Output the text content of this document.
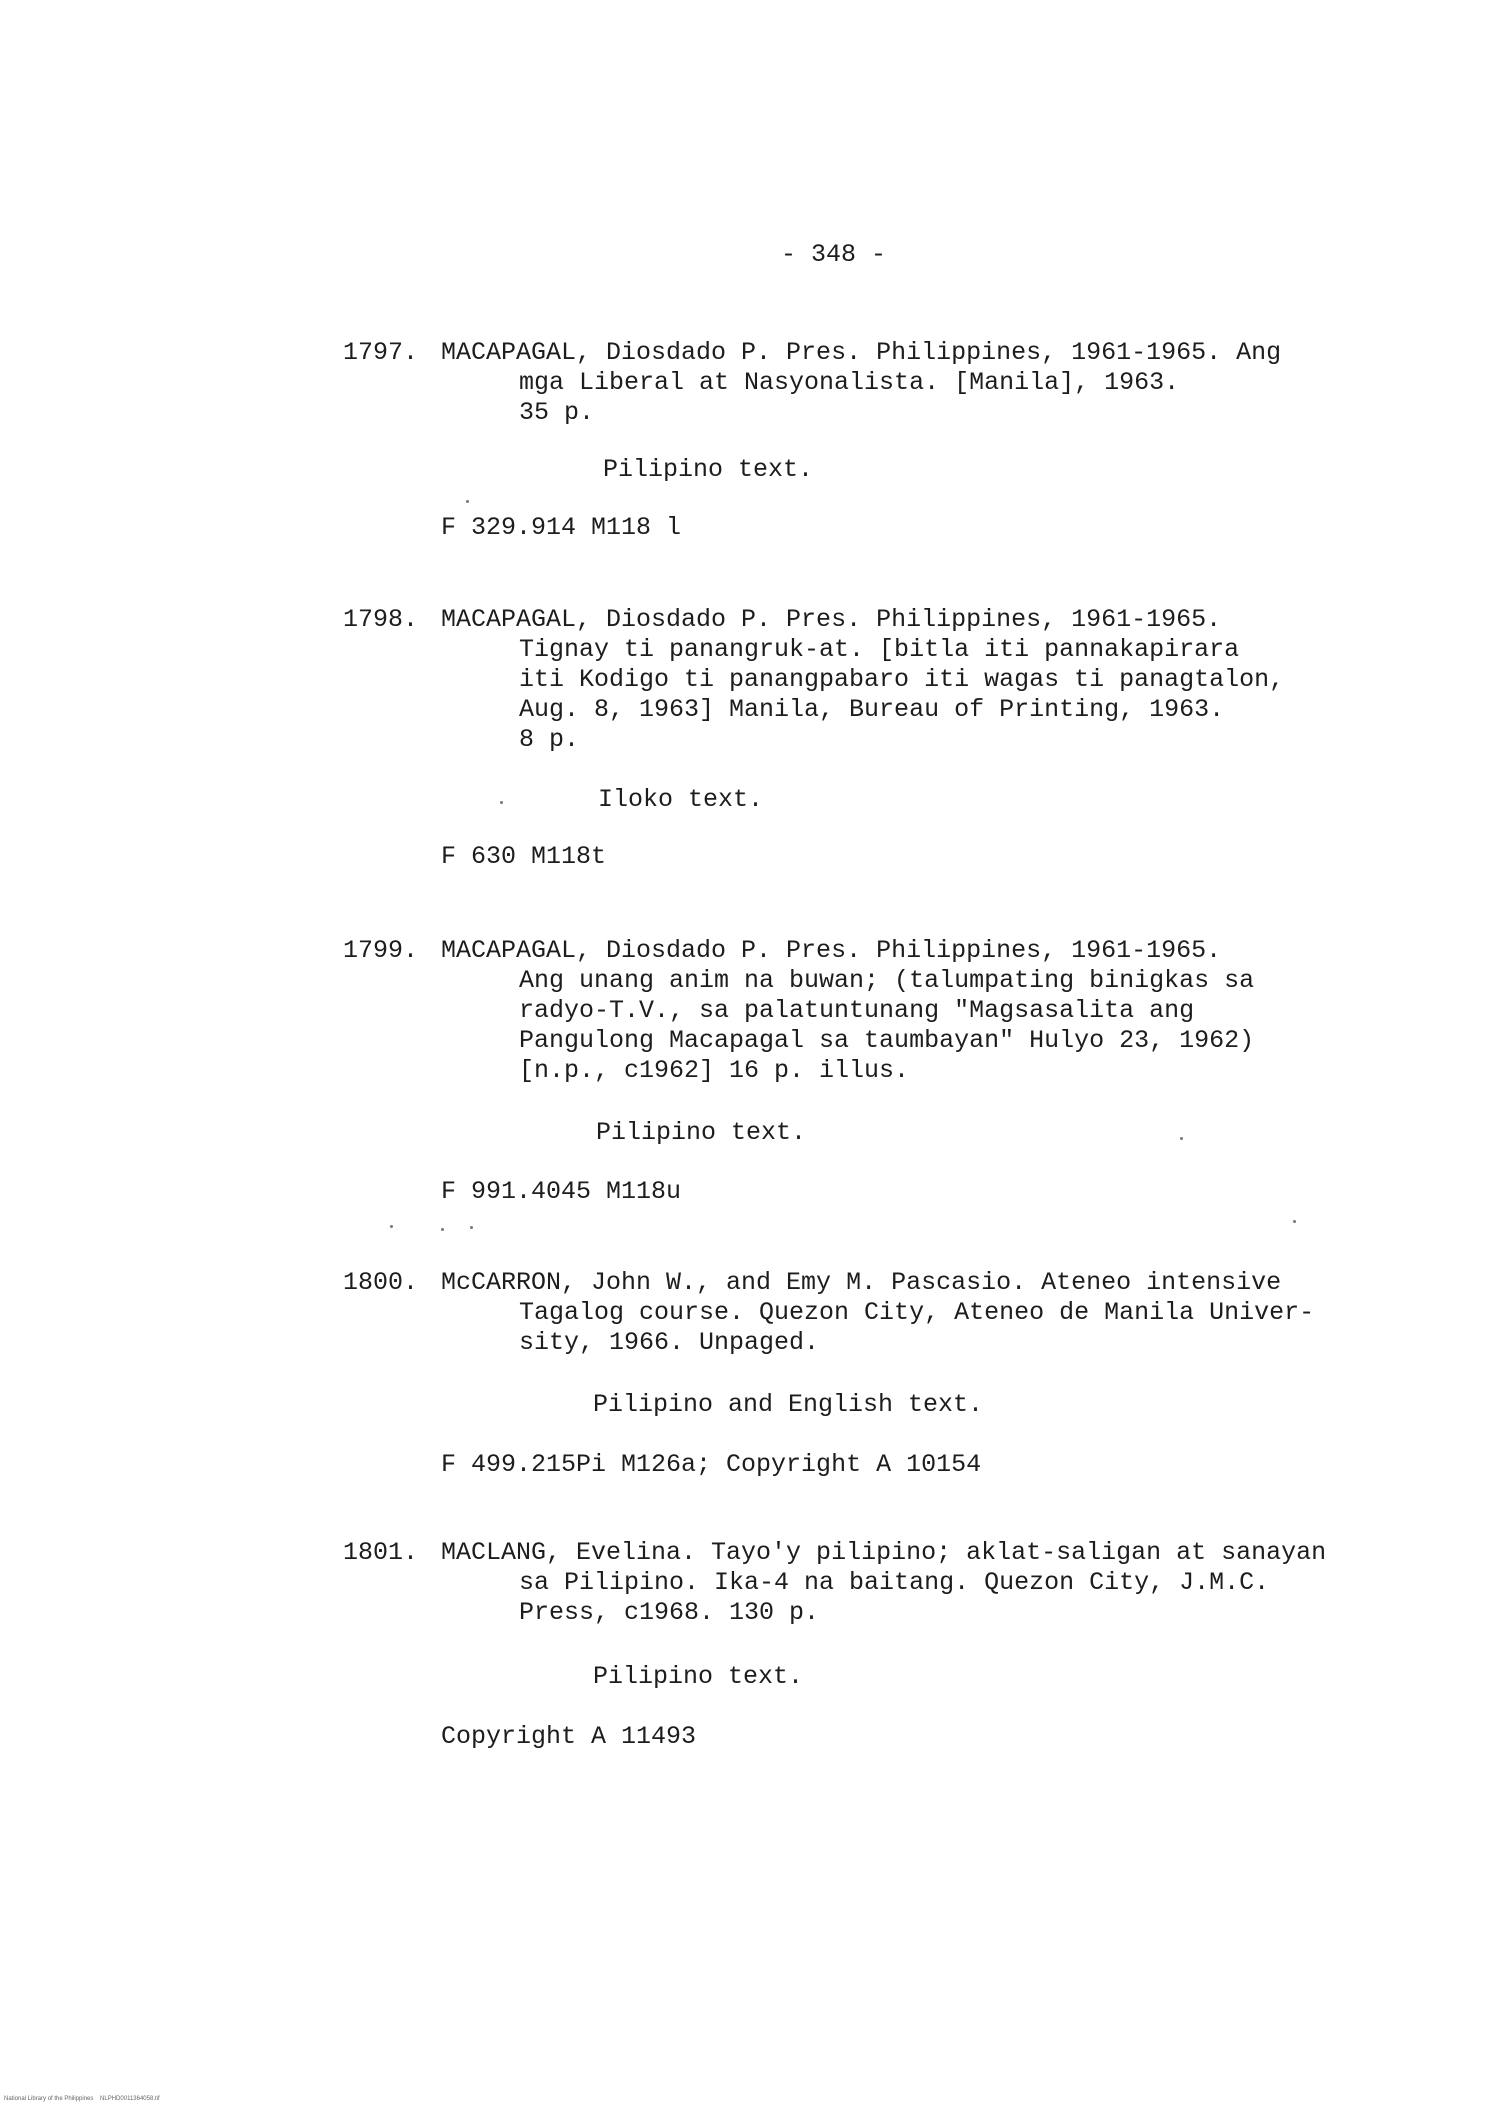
- 348 -
1797. MACAPAGAL, Diosdado P. Pres. Philippines, 1961-1965. Ang
mga Liberal at Nasyonalista. [Manila], 1963.
35 p.
Pilipino text.
F 329.914 M118 l
1798. MACAPAGAL, Diosdado P. Pres. Philippines, 1961-1965.
Tignay ti panangruk-at. [bitla iti pannakapirara
iti Kodigo ti panangpabaro iti wagas ti panagtalon,
Aug. 8, 1963] Manila, Bureau of Printing, 1963.
8 p.
Iloko text.
F 630 M118t
1799. MACAPAGAL, Diosdado P. Pres. Philippines, 1961-1965.
Ang unang anim na buwan; (talumpating binigkas sa
radyo-T.V., sa palatuntunang "Magsasalita ang
Pangulong Macapagal sa taumbayan" Hulyo 23, 1962)
[n.p., c1962] 16 p. illus.
Pilipino text.
F 991.4045 M118u
1800. McCARRON, John W., and Emy M. Pascasio. Ateneo intensive
Tagalog course. Quezon City, Ateneo de Manila Univer-
sity, 1966. Unpaged.
Pilipino and English text.
F 499.215Pi M126a; Copyright A 10154
1801. MACLANG, Evelina. Tayo'y pilipino; aklat-saligan at sanayan
sa Pilipino. Ika-4 na baitang. Quezon City, J.M.C.
Press, c1968. 130 p.
Pilipino text.
Copyright A 11493
National Library of the Philippines    NLPHD0011364058.tif
